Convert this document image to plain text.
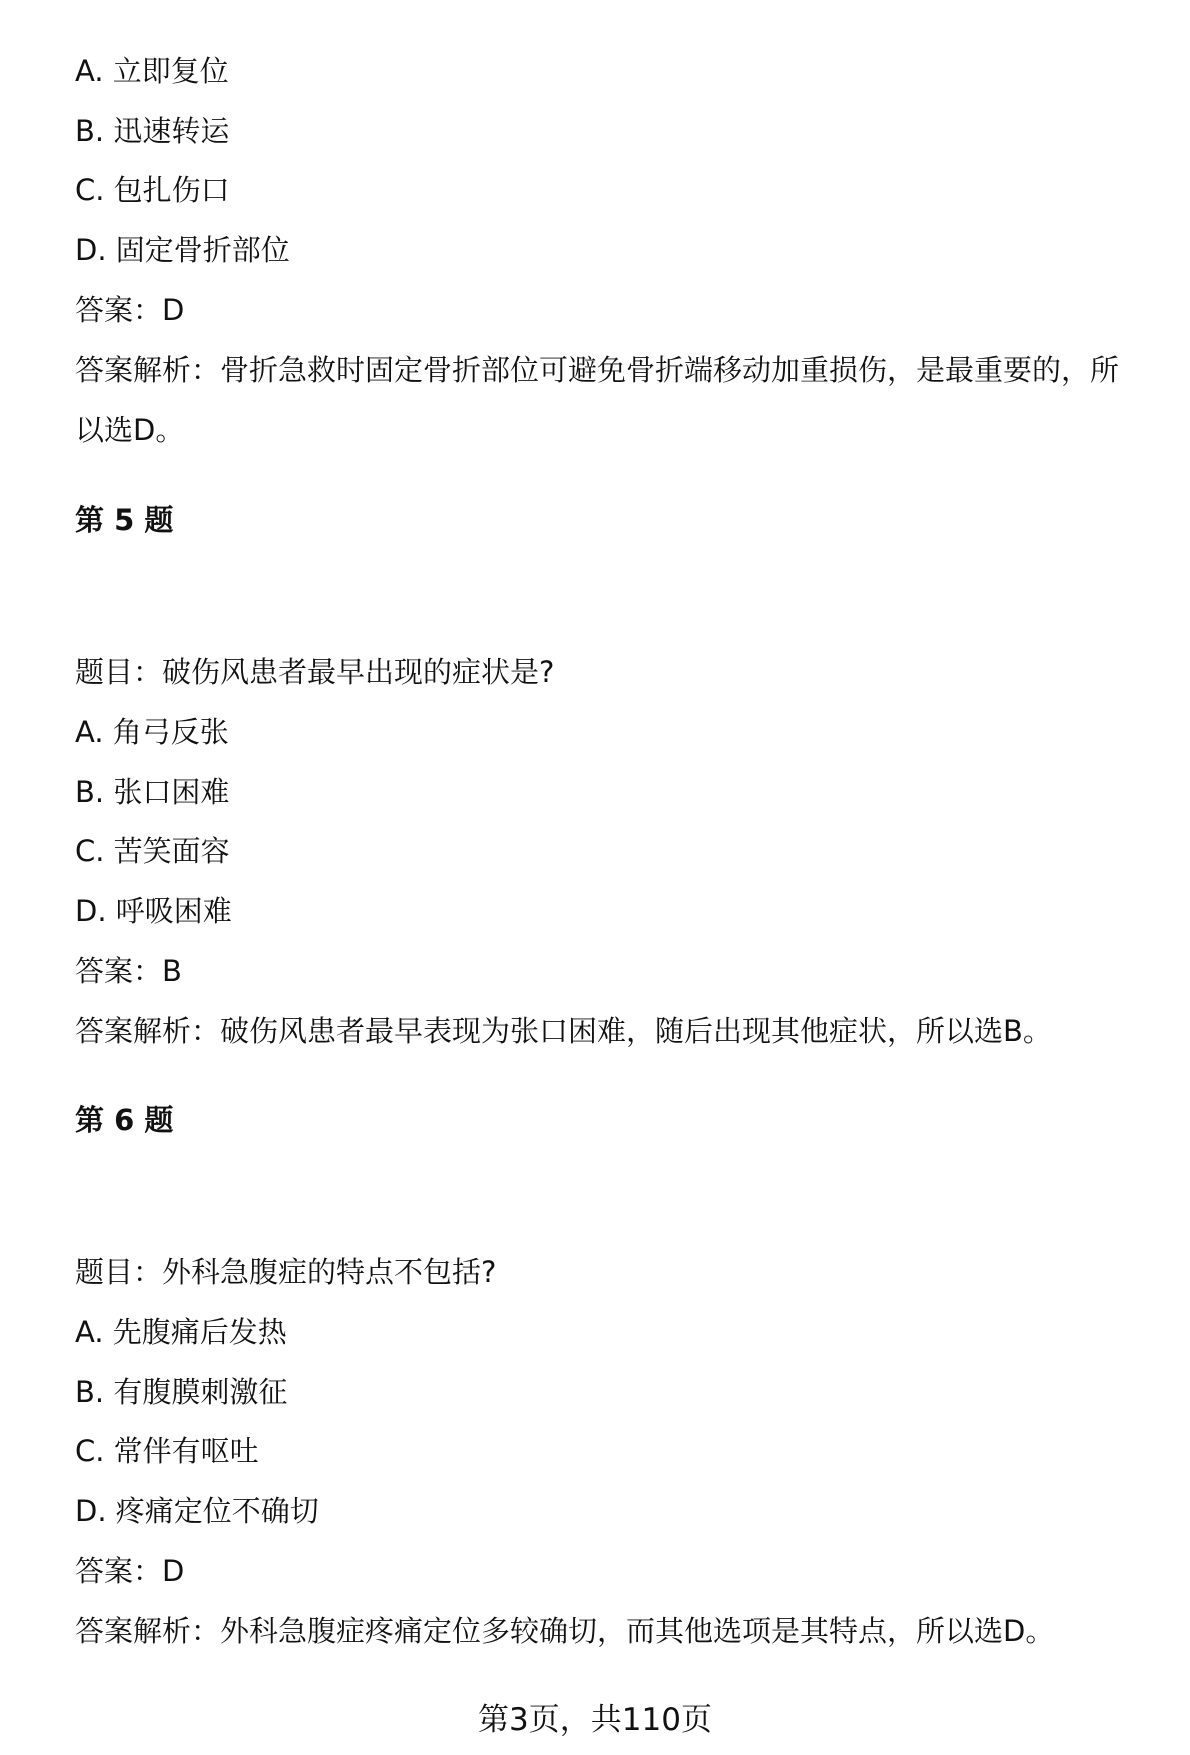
A. 立即复位
B. 迅速转运
C. 包扎伤口
D. 固定骨折部位
答案：D
答案解析：骨折急救时固定骨折部位可避免骨折端移动加重损伤，是最重要的，所
以选D。
第 5 题
题目：破伤风患者最早出现的症状是?
A. 角弓反张
B. 张口困难
C. 苦笑面容
D. 呼吸困难
答案：B
答案解析：破伤风患者最早表现为张口困难，随后出现其他症状，所以选B。
第 6 题
题目：外科急腹症的特点不包括?
A. 先腹痛后发热
B. 有腹膜刺激征
C. 常伴有呕吐
D. 疼痛定位不确切
答案：D
答案解析：外科急腹症疼痛定位多较确切，而其他选项是其特点，所以选D。
第3页，共110页
